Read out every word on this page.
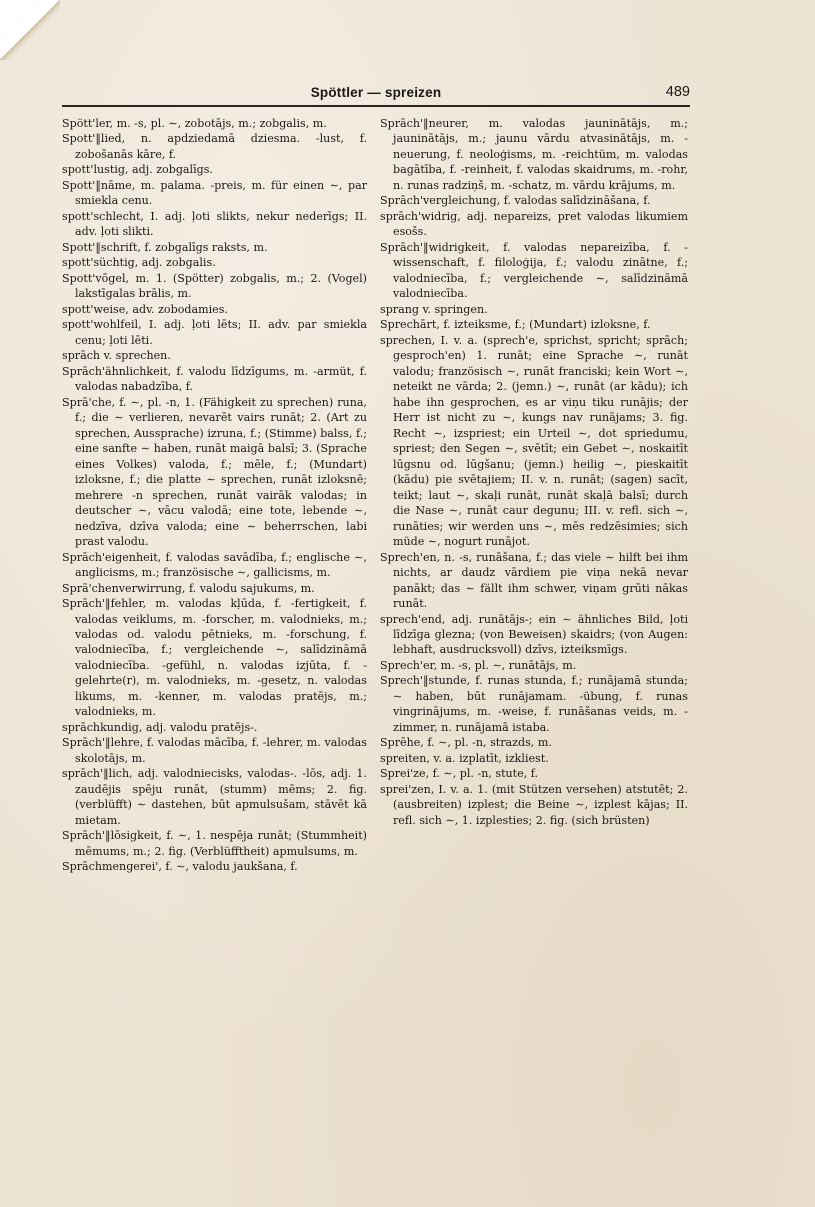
Spöttler — spreizen	489

Spött'ler, m. -s, pl. ∼, zobotājs, m.; zobgalis, m.

Spott'‖lied, n. apdziedamā dziesma. -lust, f. zobošanās kāre, f.

spott'lustig, adj. zobgalīgs.

Spott'‖nāme, m. palama. -preis, m. für einen ∼, par smiekla cenu.

spott'schlecht, I. adj. ļoti slikts, nekur nederīgs; II. adv. ļoti slikti.

Spott'‖schrift, f. zobgalīgs raksts, m.

spott'süchtig, adj. zobgalis.

Spott'vōgel, m. 1. (Spötter) zobgalis, m.; 2. (Vogel) lakstīgalas brālis, m.

spott'weise, adv. zobodamies.

spott'wohlfeil, I. adj. ļoti lēts; II. adv. par smiekla cenu; ļoti lēti.

sprāch v. sprechen.

Sprāch'ähnlichkeit, f. valodu līdzīgums, m. -armüt, f. valodas nabadzība, f.

Sprā'che, f. ∼, pl. -n, 1. (Fähigkeit zu sprechen) runa, f.; die ∼ verlieren, nevarēt vairs runāt; 2. (Art zu sprechen, Aussprache) izruna, f.; (Stimme) balss, f.; eine sanfte ∼ haben, runāt maigā balsī; 3. (Sprache eines Volkes) valoda, f.; mēle, f.; (Mundart) izloksne, f.; die platte ∼ sprechen, runāt izloksnē; mehrere -n sprechen, runāt vairāk valodas; in deutscher ∼, vācu valodā; eine tote, lebende ∼, nedzīva, dzīva valoda; eine ∼ beherrschen, labi prast valodu.

Sprāch'eigenheit, f. valodas savādība, f.; englische ∼, anglicisms, m.; französische ∼, gallicisms, m.

Sprā'chenverwirrung, f. valodu sajukums, m.

Sprāch'‖fehler, m. valodas kļūda, f. -fertigkeit, f. valodas veiklums, m. -forscher, m. valodnieks, m.; valodas od. valodu pētnieks, m. -forschung, f. valodniecība, f.; vergleichende ∼, salīdzināmā valodniecība. -gefühl, n. valodas izjūta, f. -gelehrte(r), m. valodnieks, m. -gesetz, n. valodas likums, m. -kenner, m. valodas pratējs, m.; valodnieks, m.

sprāchkundig, adj. valodu pratējs-.

Sprāch'‖lehre, f. valodas mācība, f. -lehrer, m. valodas skolotājs, m.

sprāch'‖lich, adj. valodniecisks, valodas-. -lōs, adj. 1. zaudējis spēju runāt, (stumm) mēms; 2. fig. (verblüfft) ∼ dastehen, būt apmulsušam, stāvēt kā mietam.

Sprāch'‖lōsigkeit, f. ∼, 1. nespēja runāt; (Stummheit) mēmums, m.; 2. fig. (Verblüfftheit) apmulsums, m.

Sprāchmengerei', f. ∼, valodu jaukšana, f.

Sprāch'‖neurer, m. valodas jauninātājs, m.; jauninātājs, m.; jaunu vārdu atvasinātājs, m. -neuerung, f. neoloģisms, m. -reichtüm, m. valodas bagātība, f. -reinheit, f. valodas skaidrums, m. -rohr, n. runas radziņš, m. -schatz, m. vārdu krājums, m.

Sprāch'vergleichung, f. valodas salīdzināšana, f.

sprāch'widrig, adj. nepareizs, pret valodas likumiem esošs.

Sprāch'‖widrigkeit, f. valodas nepareizība, f. -wissenschaft, f. filoloģija, f.; valodu zinātne, f.; valodniecība, f.; vergleichende ∼, salīdzināmā valodniecība.

sprang v. springen.

Sprechārt, f. izteiksme, f.; (Mundart) izloksne, f.

sprechen, I. v. a. (sprech'e, sprichst, spricht; sprāch; gesproch'en) 1. runāt; eine Sprache ∼, runāt valodu; französisch ∼, runāt franciski; kein Wort ∼, neteikt ne vārda; 2. (jemn.) ∼, runāt (ar kādu); ich habe ihn gesprochen, es ar viņu tiku runājis; der Herr ist nicht zu ∼, kungs nav runājams; 3. fig. Recht ∼, izspriest; ein Urteil ∼, dot spriedumu, spriest; den Segen ∼, svētīt; ein Gebet ∼, noskaitīt lūgsnu od. lūgšanu; (jemn.) heilig ∼, pieskaitīt (kādu) pie svētajiem; II. v. n. runāt; (sagen) sacīt, teikt; laut ∼, skaļi runāt, runāt skaļā balsī; durch die Nase ∼, runāt caur degunu; III. v. refl. sich ∼, runāties; wir werden uns ∼, mēs redzēsimies; sich müde ∼, nogurt runājot.

Sprech'en, n. -s, runāšana, f.; das viele ∼ hilft bei ihm nichts, ar daudz vārdiem pie viņa nekā nevar panākt; das ∼ fällt ihm schwer, viņam grūti nākas runāt.

sprech'end, adj. runātājs-; ein ∼ ähnliches Bild, ļoti līdzīga glezna; (von Beweisen) skaidrs; (von Augen: lebhaft, ausdrucksvoll) dzīvs, izteiksmīgs.

Sprech'er, m. -s, pl. ∼, runātājs, m.

Sprech'‖stunde, f. runas stunda, f.; runājamā stunda; ∼ haben, būt runājamam. -übung, f. runas vingrinājums, m. -weise, f. runāšanas veids, m. -zimmer, n. runājamā istaba.

Sprēhe, f. ∼, pl. -n, strazds, m.

spreiten, v. a. izplatīt, izkliest.

Sprei'ze, f. ∼, pl. -n, stute, f.

sprei'zen, I. v. a. 1. (mit Stützen versehen) atstutēt; 2. (ausbreiten) izplest; die Beine ∼, izplest kājas; II. refl. sich ∼, 1. izplesties; 2. fig. (sich brüsten)
